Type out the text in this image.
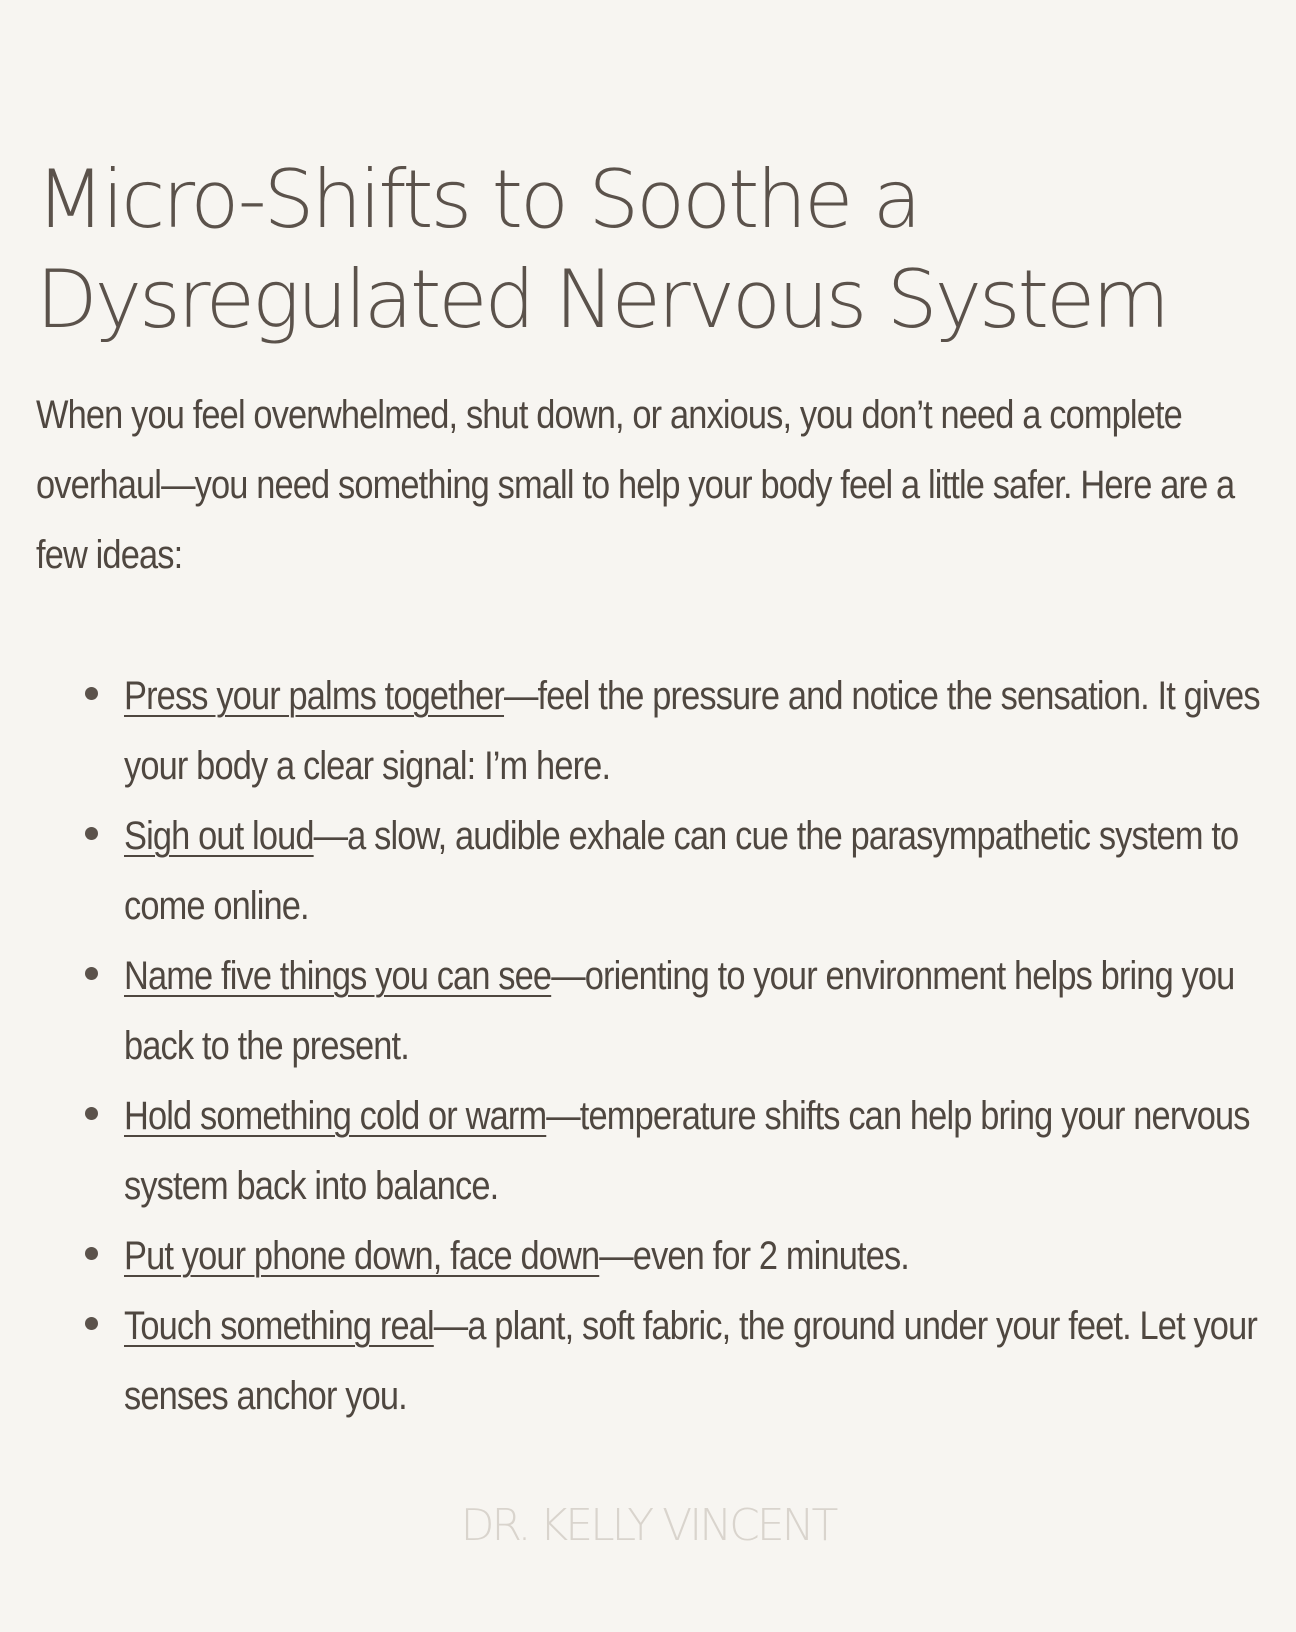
Micro-Shifts to Soothe a
Dysregulated Nervous System

When you feel overwhelmed, shut down, or anxious, you don’t need a complete overhaul—you need something small to help your body feel a little safer. Here are a few ideas:

Press your palms together—feel the pressure and notice the sensation. It gives your body a clear signal: I’m here.
Sigh out loud—a slow, audible exhale can cue the parasympathetic system to come online.
Name five things you can see—orienting to your environment helps bring you back to the present.
Hold something cold or warm—temperature shifts can help bring your nervous system back into balance.
Put your phone down, face down—even for 2 minutes.
Touch something real—a plant, soft fabric, the ground under your feet. Let your senses anchor you.

DR. KELLY VINCENT
